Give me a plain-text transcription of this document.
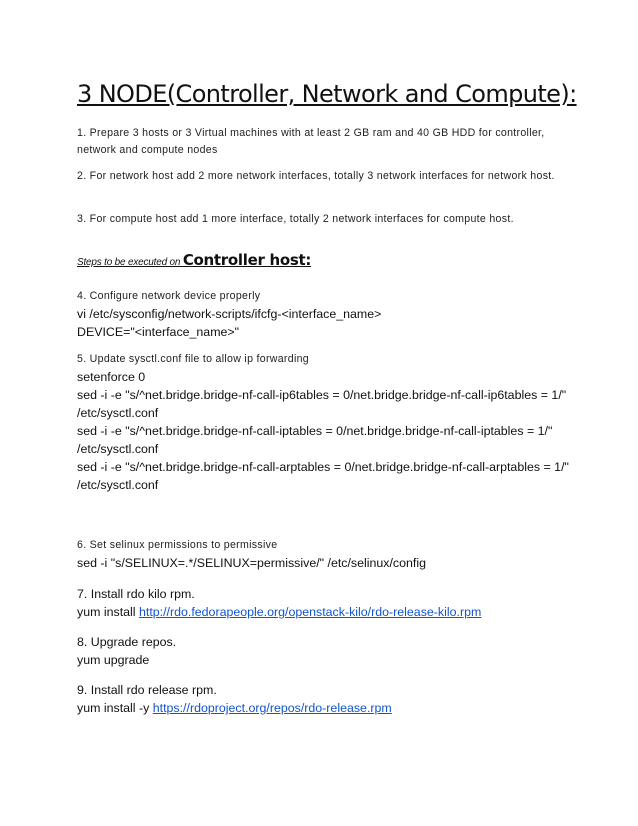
3 NODE(Controller, Network and Compute):
1. Prepare 3 hosts or 3 Virtual machines with at least 2 GB ram and 40 GB HDD for controller, network and compute nodes
2. For network host add 2 more network interfaces, totally 3 network interfaces for network host.
3. For compute host add 1 more interface, totally 2 network interfaces for compute host.
Steps to be executed on Controller host:
4. Configure network device properly
vi /etc/sysconfig/network-scripts/ifcfg-<interface_name>
DEVICE="<interface_name>"
5. Update sysctl.conf file to allow ip forwarding
setenforce 0
sed -i -e "s/^net.bridge.bridge-nf-call-ip6tables = 0/net.bridge.bridge-nf-call-ip6tables = 1/"
/etc/sysctl.conf
sed -i -e "s/^net.bridge.bridge-nf-call-iptables = 0/net.bridge.bridge-nf-call-iptables = 1/"
/etc/sysctl.conf
sed -i -e "s/^net.bridge.bridge-nf-call-arptables = 0/net.bridge.bridge-nf-call-arptables = 1/"
/etc/sysctl.conf
6. Set selinux permissions to permissive
sed -i "s/SELINUX=.*/SELINUX=permissive/" /etc/selinux/config
7. Install rdo kilo rpm.
yum install http://rdo.fedorapeople.org/openstack-kilo/rdo-release-kilo.rpm
8. Upgrade repos.
yum upgrade
9. Install rdo release rpm.
yum install -y https://rdoproject.org/repos/rdo-release.rpm
